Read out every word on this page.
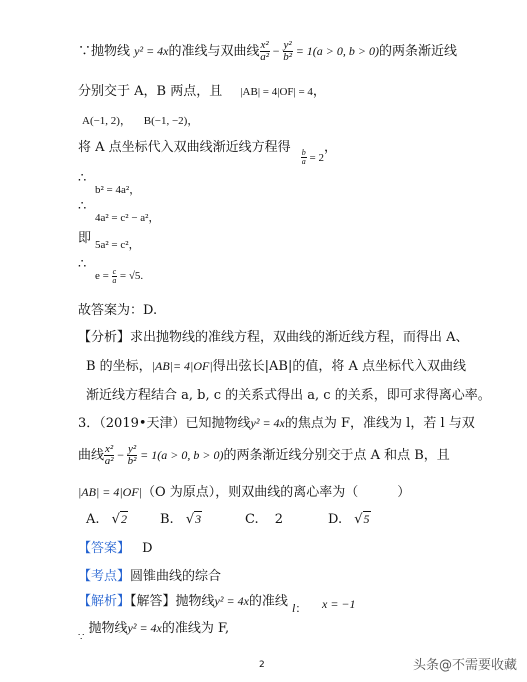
∵抛物线 y² = 4x的准线与双曲线 $\frac{\text{x²}}{\text{a²}} - \frac{\text{y²}}{\text{b²}} = 1(a > 0$, b > 0)的两条渐近线
分别交于 A，B 两点，且 |AB| = 4|OF| = 4，
A(−1, 2)， B(−1, −2)，
将 A 点坐标代入双曲线渐近线方程得
$\frac{b}{a} = 2$，
∴
b² = 4a²，
∴
4a² = c² − a²，
即 5a² = c²，
∴
$e = \frac{c}{a} = √5$.
故答案为：D.
【分析】求出抛物线的准线方程，双曲线的渐近线方程，而得出 A、
B 的坐标，|AB|= 4|OF|得出弦长|AB|的值，将 A 点坐标代入双曲线
渐近线方程结合 a, b, c 的关系式得出 a, c 的关系，即可求得离心率。
3．（2019•天津）已知抛物线y² = 4x的焦点为 F，准线为 l，若 l 与双
曲线 $\frac{\text{x²}}{\text{a²}} - \frac{\text{y²}}{\text{b²}} = 1(a > 0$, b > 0)的两条渐近线分别交于点 A 和点 B，且
|AB| = 4|OF|（O 为原点），则双曲线的离心率为（　　　）
A. √2	B. √3	C. 2	D. √5
【答案】 D
【考点】圆锥曲线的综合
【解析】【解答】抛物线y² = 4x的准线 l： x = −1
$_\because$ 抛物线y² = 4x的准线为 F,
2	头条@不需要收藏
